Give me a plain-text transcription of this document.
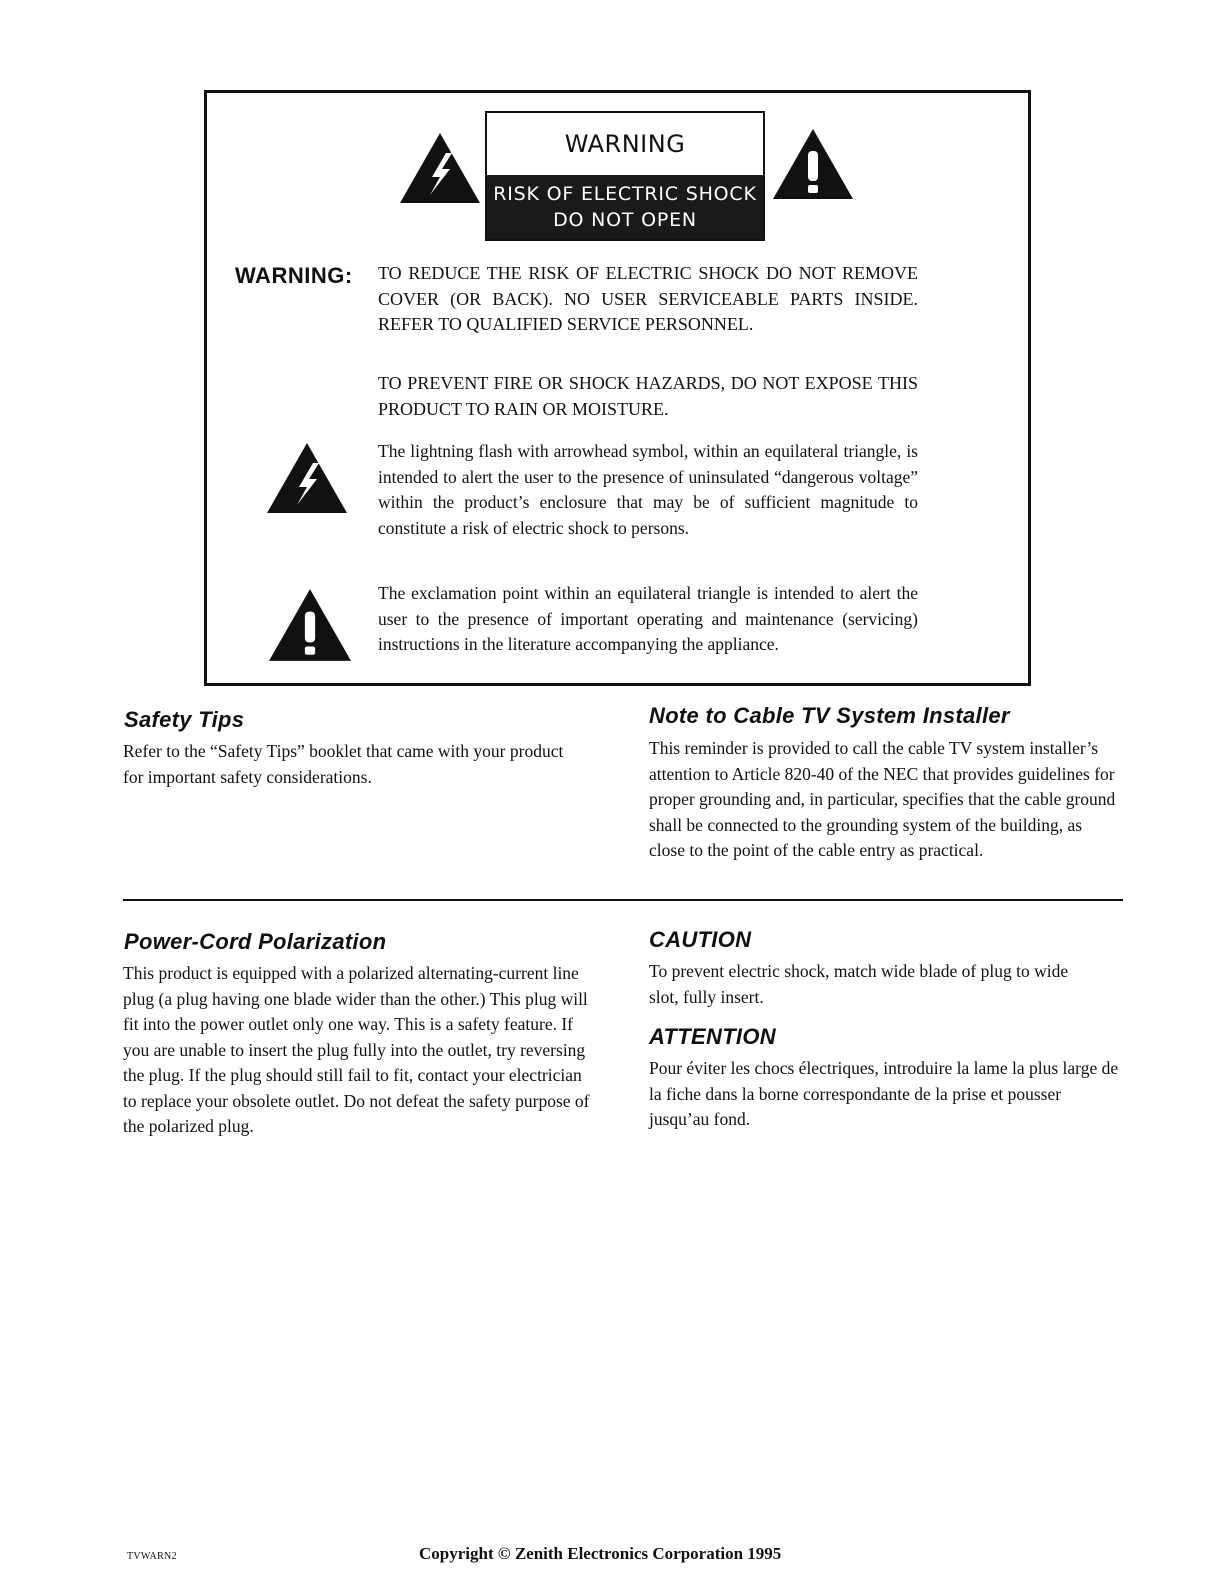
WARNING
RISK OF ELECTRIC SHOCK
DO NOT OPEN
WARNING: TO REDUCE THE RISK OF ELECTRIC SHOCK DO NOT REMOVE COVER (OR BACK). NO USER SERVICEABLE PARTS INSIDE. REFER TO QUALIFIED SERVICE PERSONNEL.
TO PREVENT FIRE OR SHOCK HAZARDS, DO NOT EXPOSE THIS PRODUCT TO RAIN OR MOISTURE.
The lightning flash with arrowhead symbol, within an equilateral triangle, is intended to alert the user to the presence of uninsulated “dangerous voltage” within the product’s enclosure that may be of sufficient magnitude to constitute a risk of electric shock to persons.
The exclamation point within an equilateral triangle is intended to alert the user to the presence of important operating and maintenance (servicing) instructions in the literature accompanying the appliance.
Safety Tips
Refer to the “Safety Tips” booklet that came with your product for important safety considerations.
Note to Cable TV System Installer
This reminder is provided to call the cable TV system installer’s attention to Article 820-40 of the NEC that provides guidelines for proper grounding and, in particular, specifies that the cable ground shall be connected to the grounding system of the building, as close to the point of the cable entry as practical.
Power-Cord Polarization
This product is equipped with a polarized alternating-current line plug (a plug having one blade wider than the other.) This plug will fit into the power outlet only one way. This is a safety feature. If you are unable to insert the plug fully into the outlet, try reversing the plug. If the plug should still fail to fit, contact your electrician to replace your obsolete outlet. Do not defeat the safety purpose of the polarized plug.
CAUTION
To prevent electric shock, match wide blade of plug to wide slot, fully insert.
ATTENTION
Pour éviter les chocs électriques, introduire la lame la plus large de la fiche dans la borne correspondante de la prise et pousser jusqu’au fond.
TVWARN2	Copyright © Zenith Electronics Corporation 1995
